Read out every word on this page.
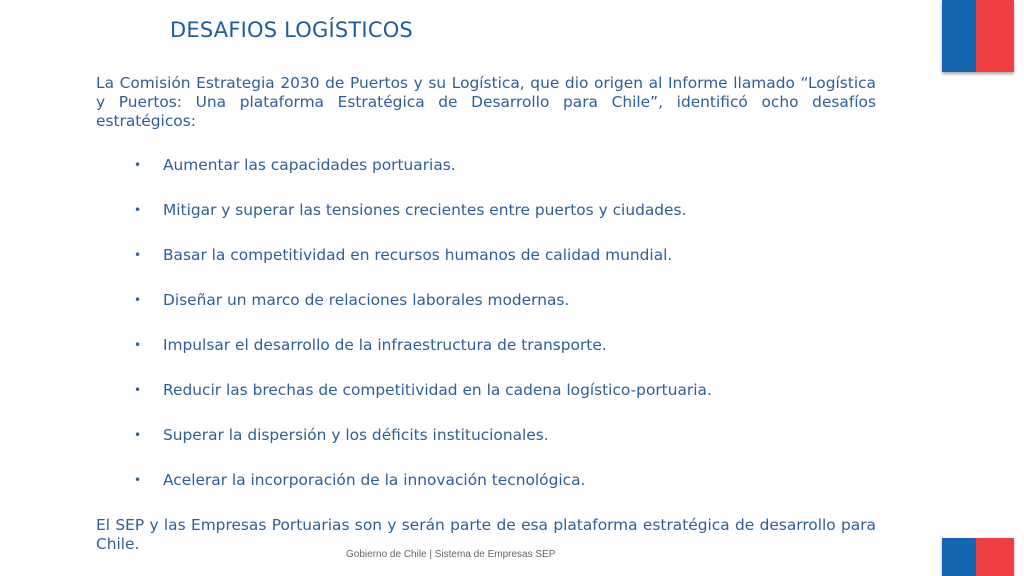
DESAFIOS LOGÍSTICOS
La Comisión Estrategia 2030 de Puertos y su Logística, que dio origen al Informe llamado “Logística y Puertos: Una plataforma Estratégica de Desarrollo para Chile”, identificó ocho desafíos estratégicos:
•	Aumentar las capacidades portuarias.
•	Mitigar y superar las tensiones crecientes entre puertos y ciudades.
•	Basar la competitividad en recursos humanos de calidad mundial.
•	Diseñar un marco de relaciones laborales modernas.
•	Impulsar el desarrollo de la infraestructura de transporte.
•	Reducir las brechas de competitividad en la cadena logístico-portuaria.
•	Superar la dispersión y los déficits institucionales.
•	Acelerar la incorporación de la innovación tecnológica.
El SEP y las Empresas Portuarias son y serán parte de esa plataforma estratégica de desarrollo para Chile.
Gobierno de Chile | Sistema de Empresas SEP
